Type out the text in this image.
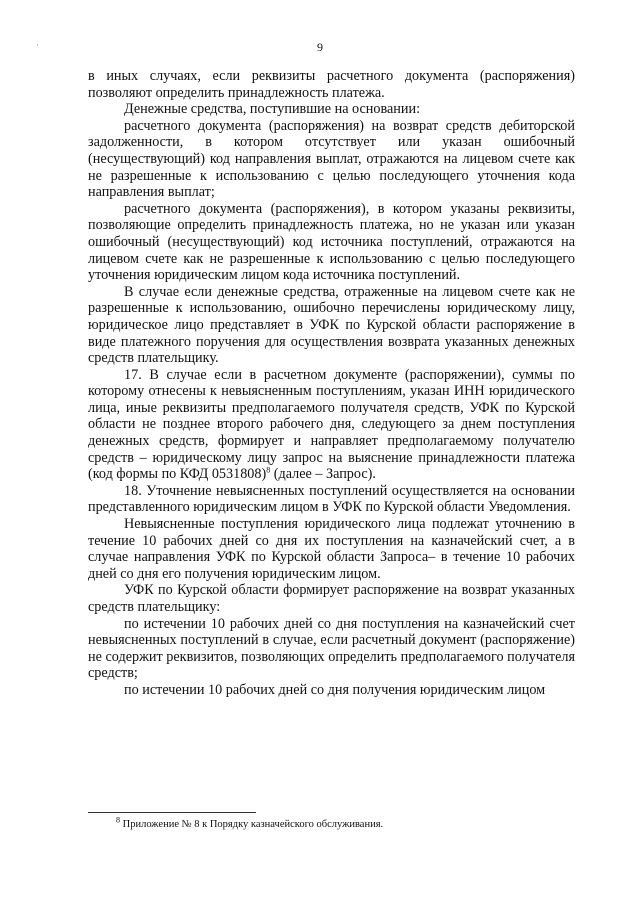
·	9

в иных случаях, если реквизиты расчетного документа (распоряжения) позволяют определить принадлежность платежа.

Денежные средства, поступившие на основании:

расчетного документа (распоряжения) на возврат средств дебиторской задолженности, в котором отсутствует или указан ошибочный (несуществующий) код направления выплат, отражаются на лицевом счете как не разрешенные к использованию с целью последующего уточнения кода направления выплат;

расчетного документа (распоряжения), в котором указаны реквизиты, позволяющие определить принадлежность платежа, но не указан или указан ошибочный (несуществующий) код источника поступлений, отражаются на лицевом счете как не разрешенные к использованию с целью последующего уточнения юридическим лицом кода источника поступлений.

В случае если денежные средства, отраженные на лицевом счете как не разрешенные к использованию, ошибочно перечислены юридическому лицу, юридическое лицо представляет в УФК по Курской области распоряжение в виде платежного поручения для осуществления возврата указанных денежных средств плательщику.

17. В случае если в расчетном документе (распоряжении), суммы по которому отнесены к невыясненным поступлениям, указан ИНН юридического лица, иные реквизиты предполагаемого получателя средств, УФК по Курской области не позднее второго рабочего дня, следующего за днем поступления денежных средств, формирует и направляет предполагаемому получателю средств – юридическому лицу запрос на выяснение принадлежности платежа (код формы по КФД 0531808)$^8$ (далее – Запрос).

18. Уточнение невыясненных поступлений осуществляется на основании представленного юридическим лицом в УФК по Курской области Уведомления.

Невыясненные поступления юридического лица подлежат уточнению в течение 10 рабочих дней со дня их поступления на казначейский счет, а в случае направления УФК по Курской области Запроса– в течение 10 рабочих дней со дня его получения юридическим лицом.

УФК по Курской области формирует распоряжение на возврат указанных средств плательщику:

по истечении 10 рабочих дней со дня поступления на казначейский счет невыясненных поступлений в случае, если расчетный документ (распоряжение) не содержит реквизитов, позволяющих определить предполагаемого получателя средств;

по истечении 10 рабочих дней со дня получения юридическим лицом

$^8$ Приложение № 8 к Порядку казначейского обслуживания.
